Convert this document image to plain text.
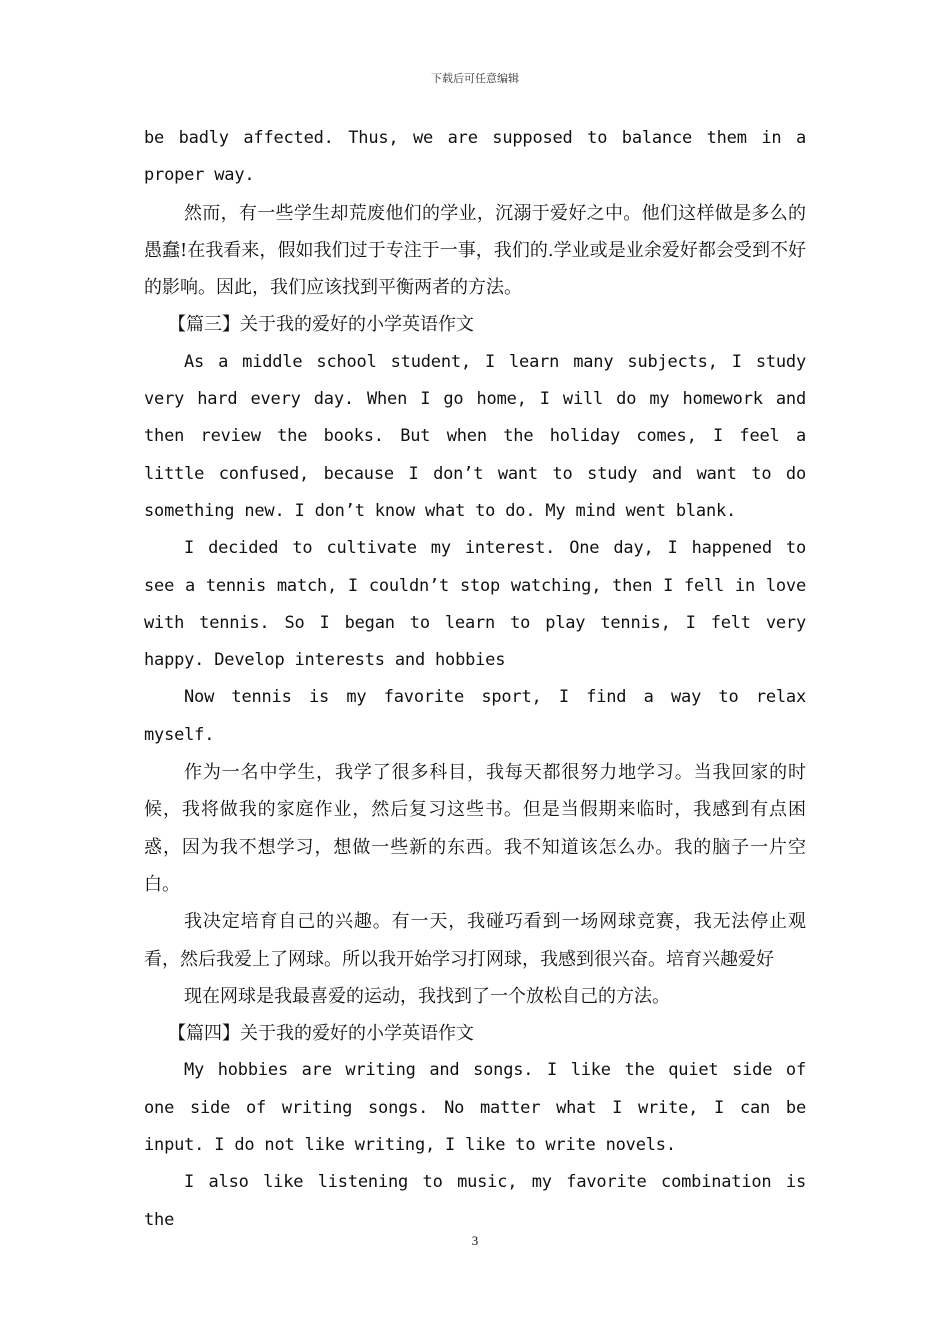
下载后可任意编辑

be badly affected. Thus, we are supposed to balance them in a proper way.

然而，有一些学生却荒废他们的学业，沉溺于爱好之中。他们这样做是多么的愚蠢!在我看来，假如我们过于专注于一事，我们的.学业或是业余爱好都会受到不好的影响。因此，我们应该找到平衡两者的方法。

【篇三】关于我的爱好的小学英语作文

As a middle school student, I learn many subjects, I study very hard every day. When I go home, I will do my homework and then review the books. But when the holiday comes, I feel a little confused, because I don’t want to study and want to do something new. I don’t know what to do. My mind went blank.

I decided to cultivate my interest. One day, I happened to see a tennis match, I couldn’t stop watching, then I fell in love with tennis. So I began to learn to play tennis, I felt very happy. Develop interests and hobbies

Now tennis is my favorite sport, I find a way to relax myself.

作为一名中学生，我学了很多科目，我每天都很努力地学习。当我回家的时候，我将做我的家庭作业，然后复习这些书。但是当假期来临时，我感到有点困惑，因为我不想学习，想做一些新的东西。我不知道该怎么办。我的脑子一片空白。

我决定培育自己的兴趣。有一天，我碰巧看到一场网球竞赛，我无法停止观看，然后我爱上了网球。所以我开始学习打网球，我感到很兴奋。培育兴趣爱好

现在网球是我最喜爱的运动，我找到了一个放松自己的方法。

【篇四】关于我的爱好的小学英语作文

My hobbies are writing and songs. I like the quiet side of one side of writing songs. No matter what I write, I can be input. I do not like writing, I like to write novels.

I also like listening to music, my favorite combination is the

3
